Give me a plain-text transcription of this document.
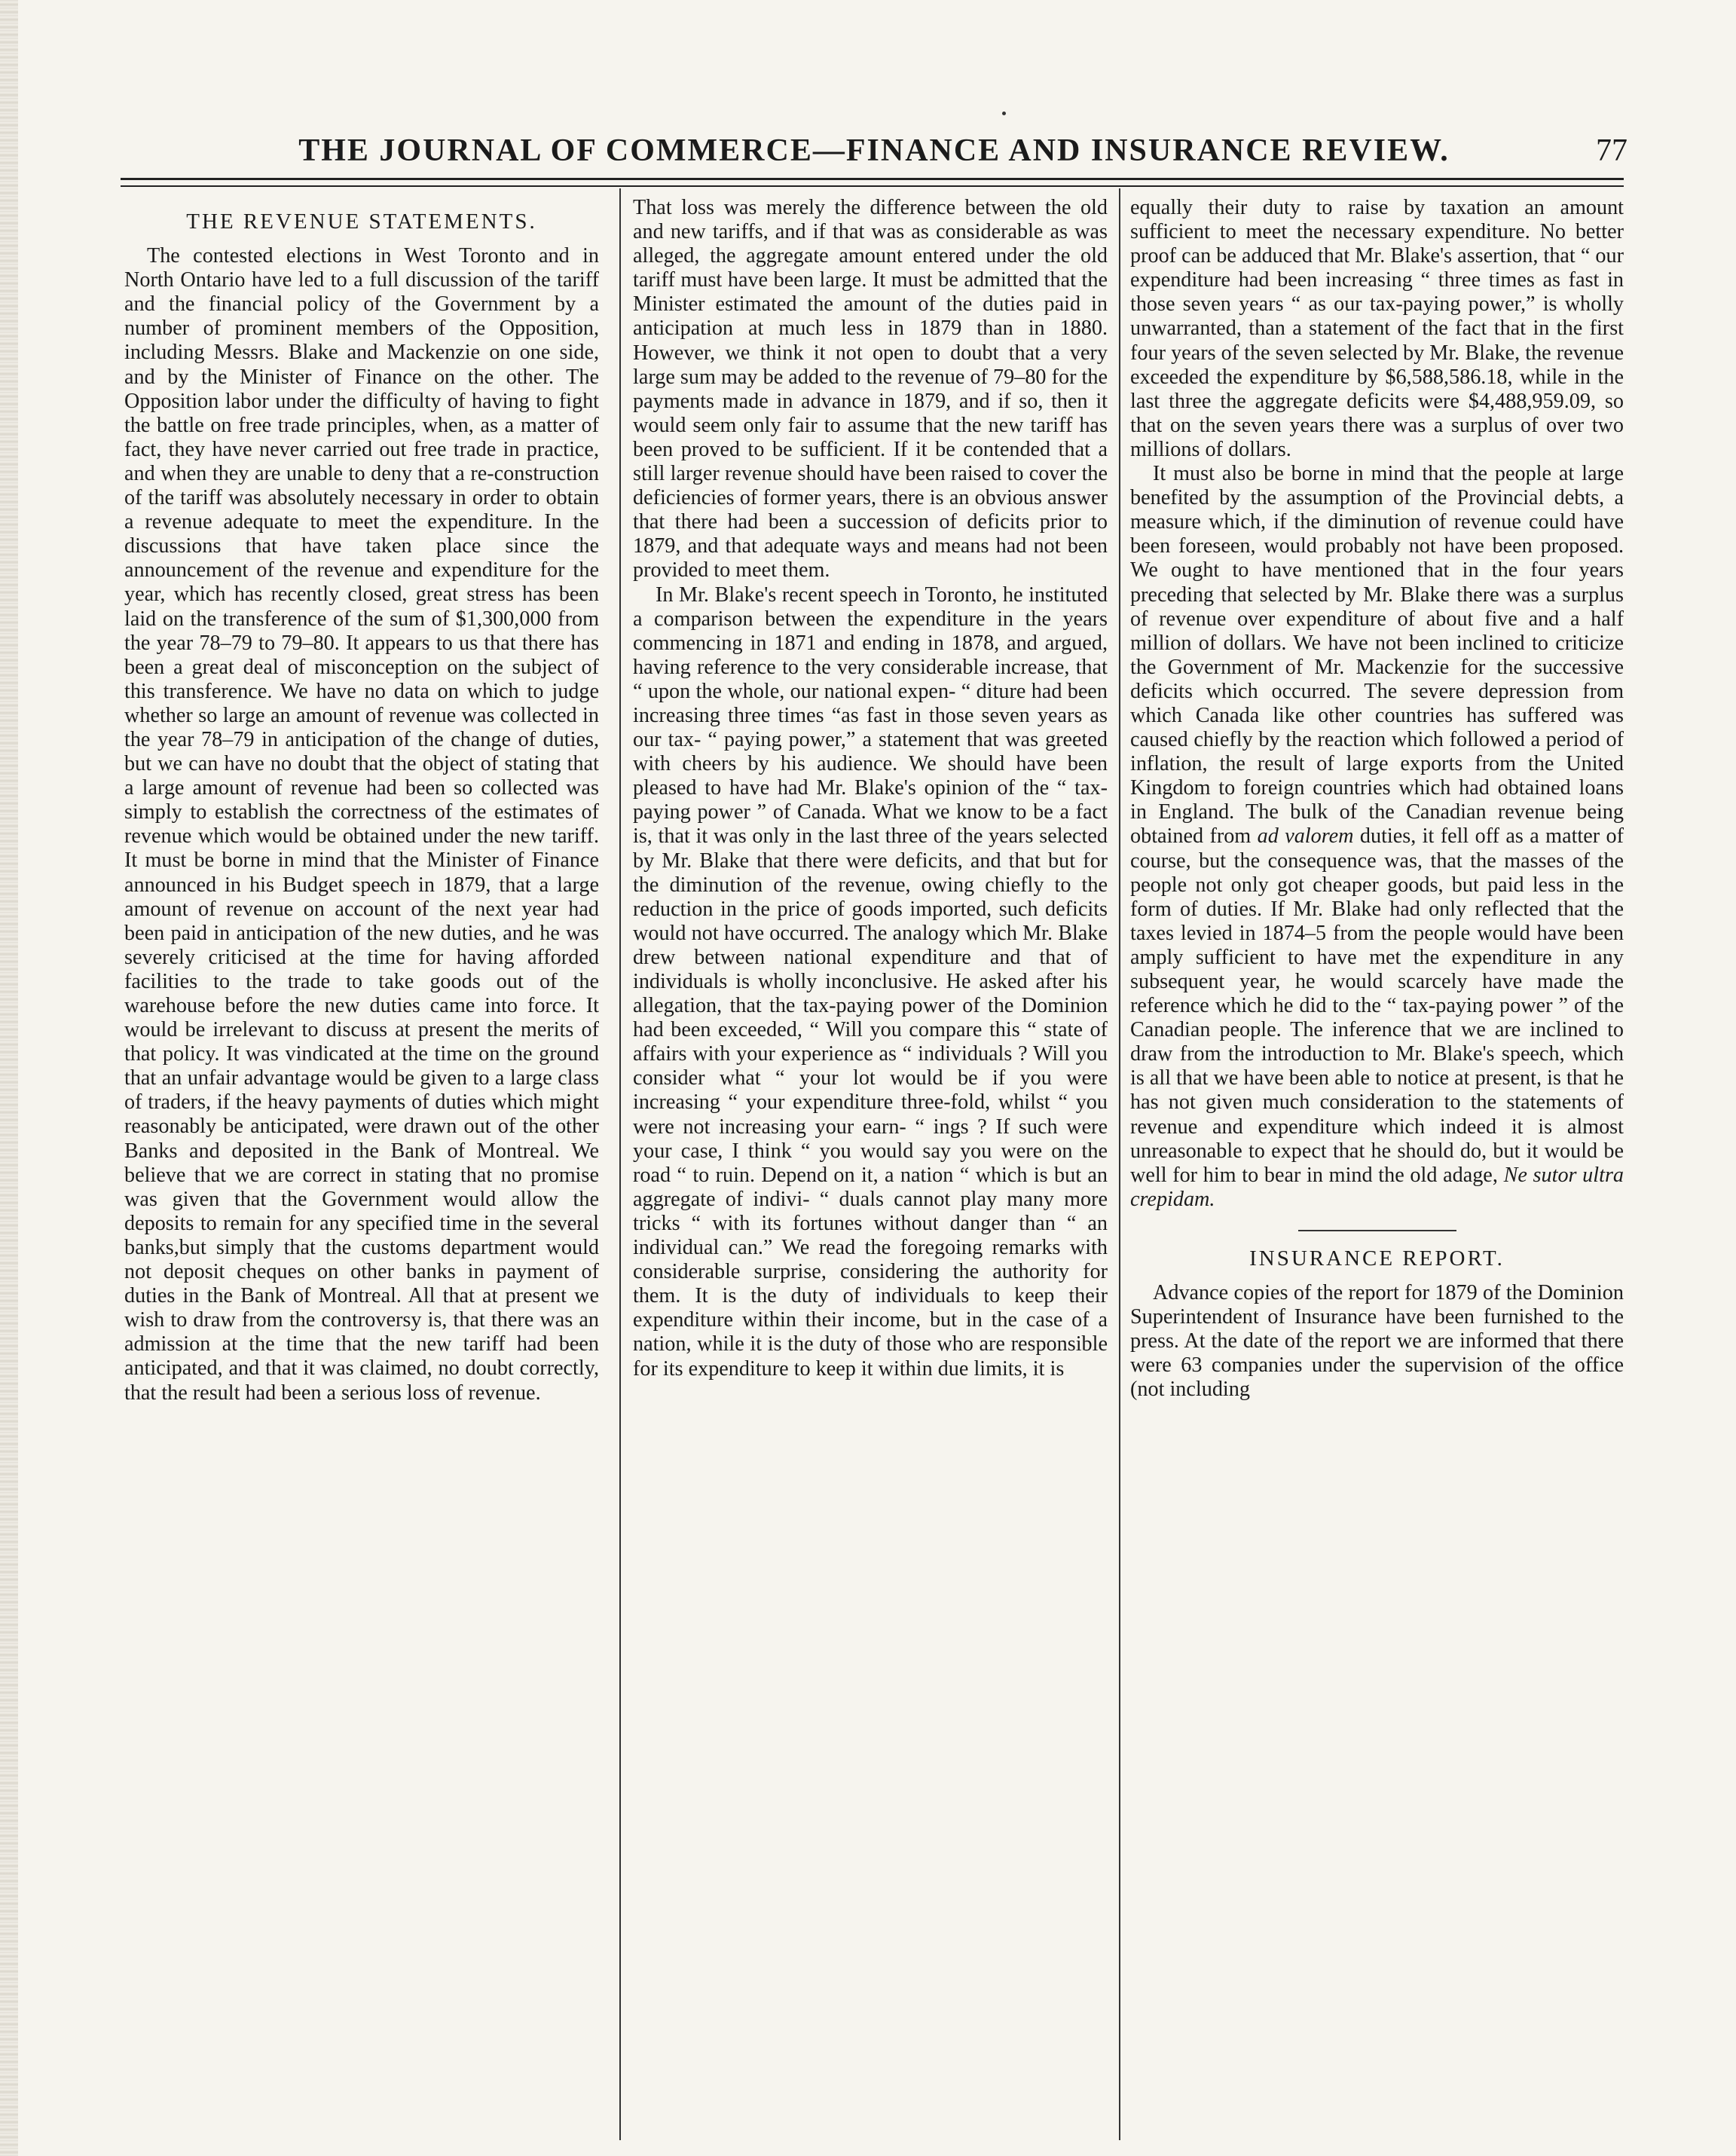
THE JOURNAL OF COMMERCE—FINANCE AND INSURANCE REVIEW.	77
THE REVENUE STATEMENTS.

The contested elections in West Toronto and in North Ontario have led to a full discussion of the tariff and the financial policy of the Government by a number of prominent members of the Opposition, including Messrs. Blake and Mackenzie on one side, and by the Minister of Finance on the other. The Opposition labor under the difficulty of having to fight the battle on free trade principles, when, as a matter of fact, they have never carried out free trade in practice, and when they are unable to deny that a re-construction of the tariff was absolutely necessary in order to obtain a revenue adequate to meet the expenditure. In the discussions that have taken place since the announcement of the revenue and expenditure for the year, which has recently closed, great stress has been laid on the transference of the sum of $1,300,000 from the year 78–79 to 79–80. It appears to us that there has been a great deal of misconception on the subject of this transference. We have no data on which to judge whether so large an amount of revenue was collected in the year 78–79 in anticipation of the change of duties, but we can have no doubt that the object of stating that a large amount of revenue had been so collected was simply to establish the correctness of the estimates of revenue which would be obtained under the new tariff. It must be borne in mind that the Minister of Finance announced in his Budget speech in 1879, that a large amount of revenue on account of the next year had been paid in anticipation of the new duties, and he was severely criticised at the time for having afforded facilities to the trade to take goods out of the warehouse before the new duties came into force. It would be irrelevant to discuss at present the merits of that policy. It was vindicated at the time on the ground that an unfair advantage would be given to a large class of traders, if the heavy payments of duties which might reasonably be anticipated, were drawn out of the other Banks and deposited in the Bank of Montreal. We believe that we are correct in stating that no promise was given that the Government would allow the deposits to remain for any specified time in the several banks,but simply that the customs department would not deposit cheques on other banks in payment of duties in the Bank of Montreal. All that at present we wish to draw from the controversy is, that there was an admission at the time that the new tariff had been anticipated, and that it was claimed, no doubt correctly, that the result had been a serious loss of revenue.

That loss was merely the difference between the old and new tariffs, and if that was as considerable as was alleged, the aggregate amount entered under the old tariff must have been large. It must be admitted that the Minister estimated the amount of the duties paid in anticipation at much less in 1879 than in 1880. However, we think it not open to doubt that a very large sum may be added to the revenue of 79–80 for the payments made in advance in 1879, and if so, then it would seem only fair to assume that the new tariff has been proved to be sufficient. If it be contended that a still larger revenue should have been raised to cover the deficiencies of former years, there is an obvious answer that there had been a succession of deficits prior to 1879, and that adequate ways and means had not been provided to meet them.

In Mr. Blake's recent speech in Toronto, he instituted a comparison between the expenditure in the years commencing in 1871 and ending in 1878, and argued, having reference to the very considerable increase, that “ upon the whole, our national expen- “ diture had been increasing three times “as fast in those seven years as our tax- “ paying power,” a statement that was greeted with cheers by his audience. We should have been pleased to have had Mr. Blake's opinion of the “ tax-paying power ” of Canada. What we know to be a fact is, that it was only in the last three of the years selected by Mr. Blake that there were deficits, and that but for the diminution of the revenue, owing chiefly to the reduction in the price of goods imported, such deficits would not have occurred. The analogy which Mr. Blake drew between national expenditure and that of individuals is wholly inconclusive. He asked after his allegation, that the tax-paying power of the Dominion had been exceeded, “ Will you compare this “ state of affairs with your experience as “ individuals ? Will you consider what “ your lot would be if you were increasing “ your expenditure three-fold, whilst “ you were not increasing your earn- “ ings ? If such were your case, I think “ you would say you were on the road “ to ruin. Depend on it, a nation “ which is but an aggregate of indivi- “ duals cannot play many more tricks “ with its fortunes without danger than “ an individual can.” We read the foregoing remarks with considerable surprise, considering the authority for them. It is the duty of individuals to keep their expenditure within their income, but in the case of a nation, while it is the duty of those who are responsible for its expenditure to keep it within due limits, it is

equally their duty to raise by taxation an amount sufficient to meet the necessary expenditure. No better proof can be adduced that Mr. Blake's assertion, that “ our expenditure had been increasing “ three times as fast in those seven years “ as our tax-paying power,” is wholly unwarranted, than a statement of the fact that in the first four years of the seven selected by Mr. Blake, the revenue exceeded the expenditure by $6,588,586.18, while in the last three the aggregate deficits were $4,488,959.09, so that on the seven years there was a surplus of over two millions of dollars.

It must also be borne in mind that the people at large benefited by the assumption of the Provincial debts, a measure which, if the diminution of revenue could have been foreseen, would probably not have been proposed. We ought to have mentioned that in the four years preceding that selected by Mr. Blake there was a surplus of revenue over expenditure of about five and a half million of dollars. We have not been inclined to criticize the Government of Mr. Mackenzie for the successive deficits which occurred. The severe depression from which Canada like other countries has suffered was caused chiefly by the reaction which followed a period of inflation, the result of large exports from the United Kingdom to foreign countries which had obtained loans in England. The bulk of the Canadian revenue being obtained from ad valorem duties, it fell off as a matter of course, but the consequence was, that the masses of the people not only got cheaper goods, but paid less in the form of duties. If Mr. Blake had only reflected that the taxes levied in 1874–5 from the people would have been amply sufficient to have met the expenditure in any subsequent year, he would scarcely have made the reference which he did to the “ tax-paying power ” of the Canadian people. The inference that we are inclined to draw from the introduction to Mr. Blake's speech, which is all that we have been able to notice at present, is that he has not given much consideration to the statements of revenue and expenditure which indeed it is almost unreasonable to expect that he should do, but it would be well for him to bear in mind the old adage, Ne sutor ultra crepidam.

INSURANCE REPORT.

Advance copies of the report for 1879 of the Dominion Superintendent of Insurance have been furnished to the press. At the date of the report we are informed that there were 63 companies under the supervision of the office (not including
